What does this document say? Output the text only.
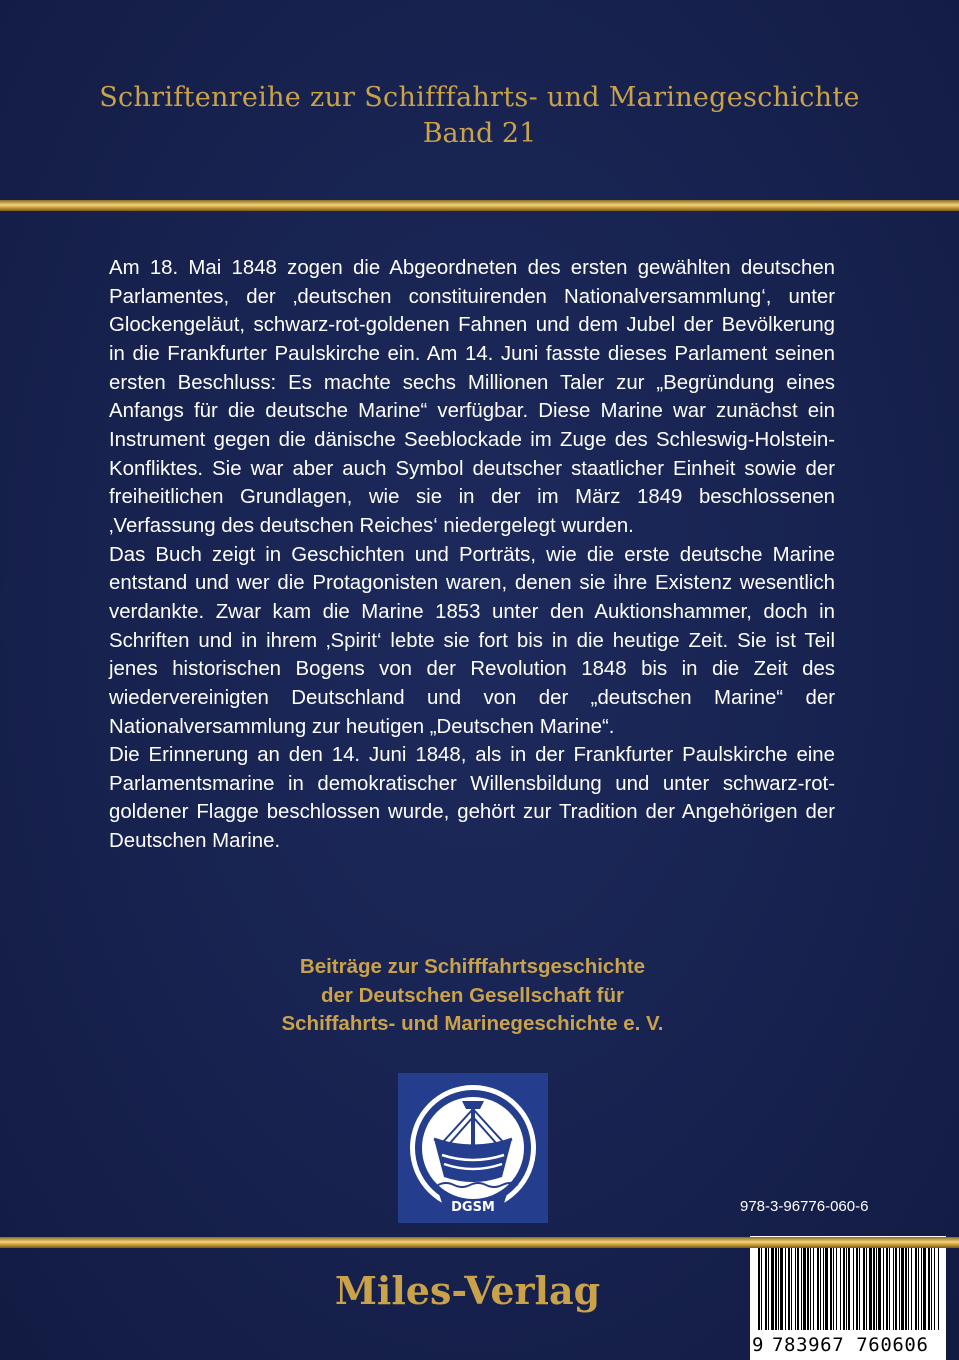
Schriftenreihe zur Schifffahrts- und Marinegeschichte
Band 21

Am 18. Mai 1848 zogen die Abgeordneten des ersten gewählten deutschen Parlamentes, der ‚deutschen constituirenden Nationalversammlung‘, unter Glockengeläut, schwarz-rot-goldenen Fahnen und dem Jubel der Bevölkerung in die Frankfurter Paulskirche ein. Am 14. Juni fasste dieses Parlament seinen ersten Beschluss: Es machte sechs Millionen Taler zur „Begründung eines Anfangs für die deutsche Marine“ verfügbar. Diese Marine war zunächst ein Instrument gegen die dänische Seeblockade im Zuge des Schleswig-Holstein-Konfliktes. Sie war aber auch Symbol deutscher staatlicher Einheit sowie der freiheitlichen Grundlagen, wie sie in der im März 1849 beschlossenen ‚Verfassung des deutschen Reiches‘ niedergelegt wurden.

Das Buch zeigt in Geschichten und Porträts, wie die erste deutsche Marine entstand und wer die Protagonisten waren, denen sie ihre Existenz wesentlich verdankte. Zwar kam die Marine 1853 unter den Auktionshammer, doch in Schriften und in ihrem ‚Spirit‘ lebte sie fort bis in die heutige Zeit. Sie ist Teil jenes historischen Bogens von der Revolution 1848 bis in die Zeit des wiedervereinigten Deutschland und von der „deutschen Marine“ der Nationalversammlung zur heutigen „Deutschen Marine“.

Die Erinnerung an den 14. Juni 1848, als in der Frankfurter Paulskirche eine Parlamentsmarine in demokratischer Willensbildung und unter schwarz-rot-goldener Flagge beschlossen wurde, gehört zur Tradition der Angehörigen der Deutschen Marine.

Beiträge zur Schifffahrtsgeschichte
der Deutschen Gesellschaft für
Schiffahrts- und Marinegeschichte e. V.
DGSM	978-3-96776-060-6
9 783967 760606
Miles-Verlag
